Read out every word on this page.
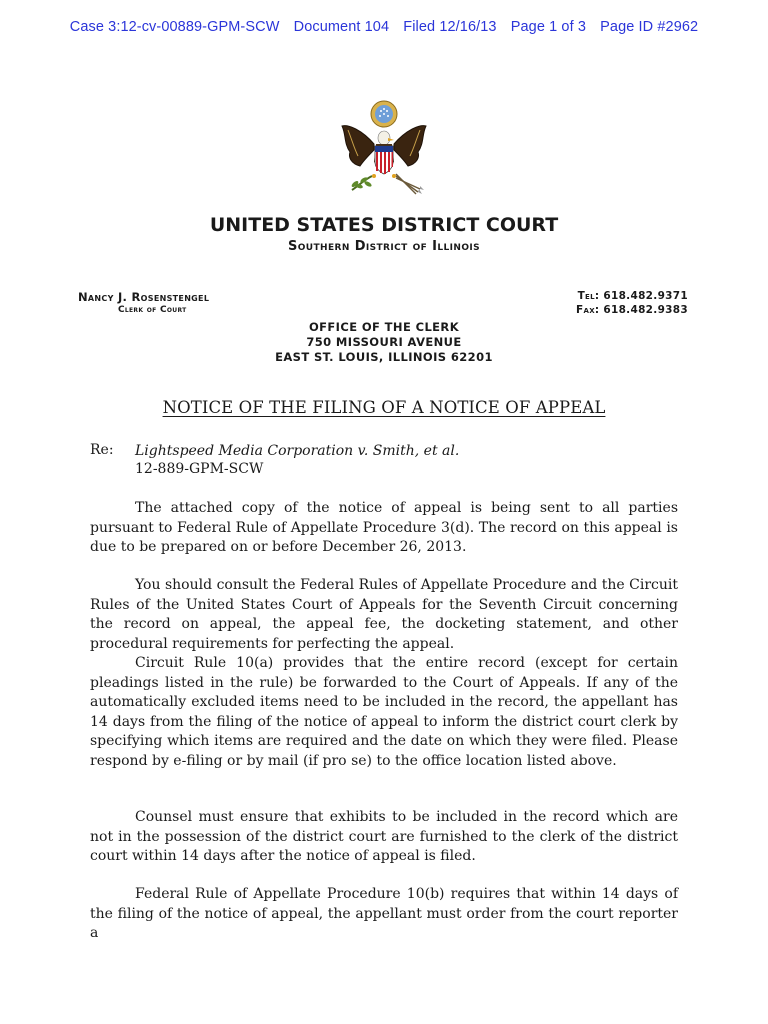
Case 3:12-cv-00889-GPM-SCW Document 104 Filed 12/16/13 Page 1 of 3 Page ID #2962
UNITED STATES DISTRICT COURT
Southern District of Illinois
Nancy J. Rosenstengel
Clerk of Court
Tel: 618.482.9371
Fax: 618.482.9383
OFFICE OF THE CLERK
750 MISSOURI AVENUE
EAST ST. LOUIS, ILLINOIS 62201
NOTICE OF THE FILING OF A NOTICE OF APPEAL
Re: Lightspeed Media Corporation v. Smith, et al.
12-889-GPM-SCW

The attached copy of the notice of appeal is being sent to all parties pursuant to Federal Rule of Appellate Procedure 3(d). The record on this appeal is due to be prepared on or before December 26, 2013.

You should consult the Federal Rules of Appellate Procedure and the Circuit Rules of the United States Court of Appeals for the Seventh Circuit concerning the record on appeal, the appeal fee, the docketing statement, and other procedural requirements for perfecting the appeal.

Circuit Rule 10(a) provides that the entire record (except for certain pleadings listed in the rule) be forwarded to the Court of Appeals. If any of the automatically excluded items need to be included in the record, the appellant has 14 days from the filing of the notice of appeal to inform the district court clerk by specifying which items are required and the date on which they were filed. Please respond by e-filing or by mail (if pro se) to the office location listed above.

Counsel must ensure that exhibits to be included in the record which are not in the possession of the district court are furnished to the clerk of the district court within 14 days after the notice of appeal is filed.

Federal Rule of Appellate Procedure 10(b) requires that within 14 days of the filing of the notice of appeal, the appellant must order from the court reporter a
